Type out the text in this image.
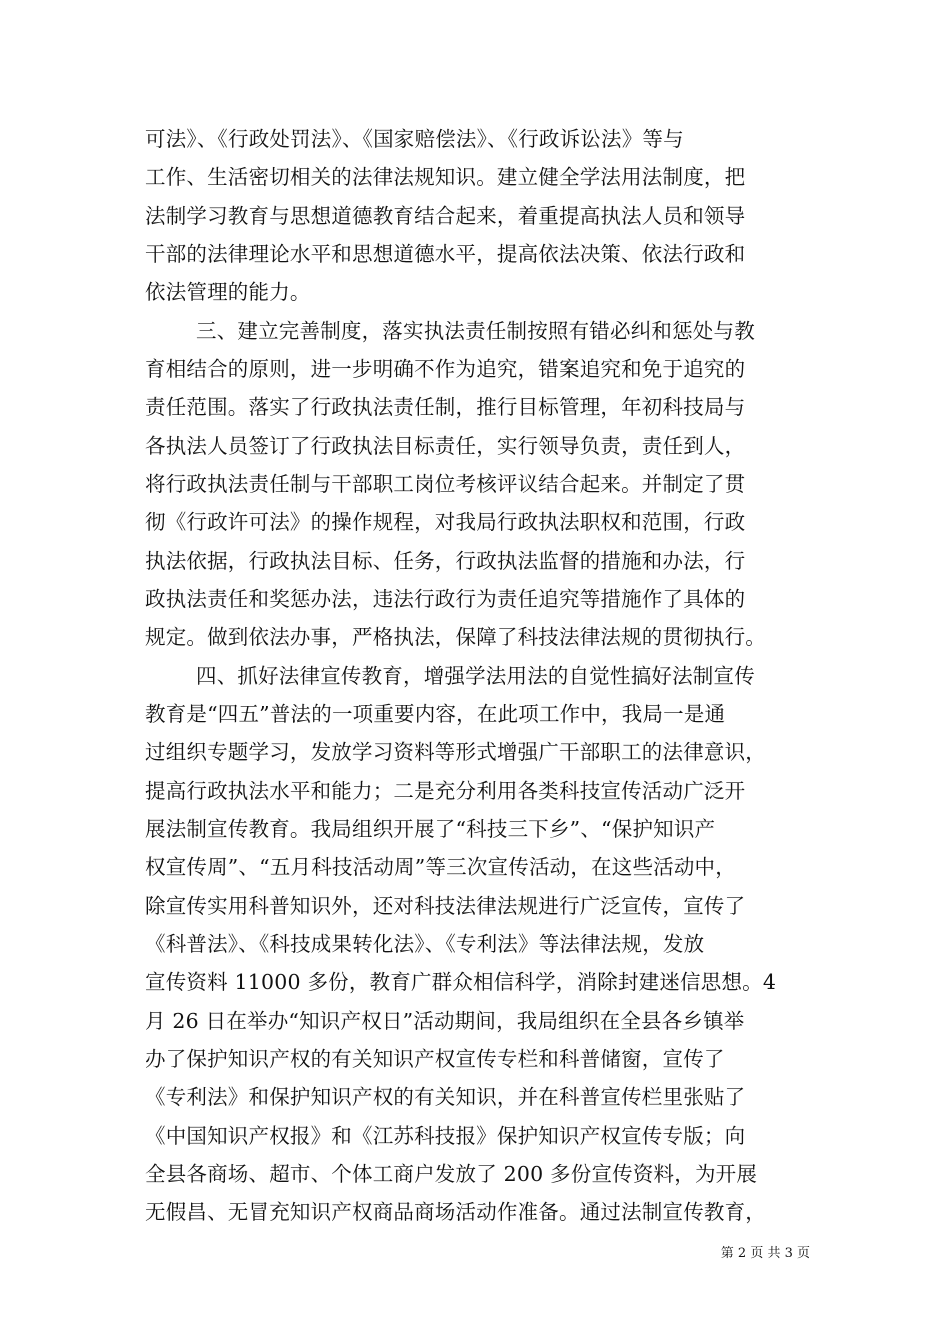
可法》、《行政处罚法》、《国家赔偿法》、《行政诉讼法》等与
工作、生活密切相关的法律法规知识。建立健全学法用法制度，把
法制学习教育与思想道德教育结合起来，着重提高执法人员和领导
干部的法律理论水平和思想道德水平，提高依法决策、依法行政和
依法管理的能力。
三、建立完善制度，落实执法责任制按照有错必纠和惩处与教
育相结合的原则，进一步明确不作为追究，错案追究和免于追究的
责任范围。落实了行政执法责任制，推行目标管理，年初科技局与
各执法人员签订了行政执法目标责任，实行领导负责，责任到人，
将行政执法责任制与干部职工岗位考核评议结合起来。并制定了贯
彻《行政许可法》的操作规程，对我局行政执法职权和范围，行政
执法依据，行政执法目标、任务，行政执法监督的措施和办法，行
政执法责任和奖惩办法，违法行政行为责任追究等措施作了具体的
规定。做到依法办事，严格执法，保障了科技法律法规的贯彻执行。
四、抓好法律宣传教育，增强学法用法的自觉性搞好法制宣传
教育是“四五”普法的一项重要内容，在此项工作中，我局一是通
过组织专题学习，发放学习资料等形式增强广干部职工的法律意识，
提高行政执法水平和能力；二是充分利用各类科技宣传活动广泛开
展法制宣传教育。我局组织开展了“科技三下乡”、“保护知识产
权宣传周”、“五月科技活动周”等三次宣传活动，在这些活动中，
除宣传实用科普知识外，还对科技法律法规进行广泛宣传，宣传了
《科普法》、《科技成果转化法》、《专利法》等法律法规，发放
宣传资料 11000 多份，教育广群众相信科学，消除封建迷信思想。4
月 26 日在举办“知识产权日”活动期间，我局组织在全县各乡镇举
办了保护知识产权的有关知识产权宣传专栏和科普储窗，宣传了
《专利法》和保护知识产权的有关知识，并在科普宣传栏里张贴了
《中国知识产权报》和《江苏科技报》保护知识产权宣传专版；向
全县各商场、超市、个体工商户发放了 200 多份宣传资料，为开展
无假昌、无冒充知识产权商品商场活动作准备。通过法制宣传教育，
第 2 页 共 3 页
